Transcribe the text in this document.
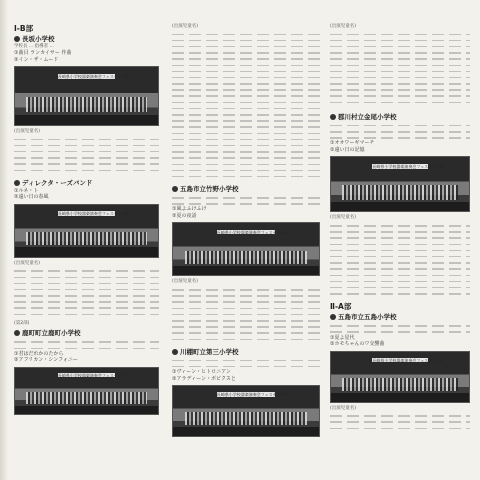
Ⅰ-B部
長坂小学校
学校長 ... 指導者 ...
①曲目 ランカイサー 作曲
②イン・ザ・ムード
長崎県小学校器楽演奏会フェスティバル
(出演児童名)
ディレクタ・ーズバンド
①ルネ・ト
②遠い日の春風
長崎県小学校器楽演奏会フェスティバル
(出演児童名)
(第2部)
鹿町町立鹿町小学校
①君はだれかのたから
②アフリカン・シンフォニー
長崎県小学校器楽演奏会フェスティバル
(出演児童名)
五島市立竹野小学校
①風よふけふけ
②夏の夜話
長崎県小学校器楽演奏会フェスティバル
(出演児童名)
川棚町立第三小学校
①ヴィーン・ヒトロニアン
②アラディーン・ボビクスと
長崎県小学校器楽演奏会フェスティバル
(出演児童名)
郡川村立金尾小学校
①オオワーギマーチ
②遠い日の記憶
長崎県小学校器楽演奏会フェスティバル
(出演児童名)
Ⅱ-A部
五島市立五島小学校
①夏よ星代
②ホモちゃんのワ交響曲
長崎県小学校器楽演奏会フェスティバル
(出演児童名)
